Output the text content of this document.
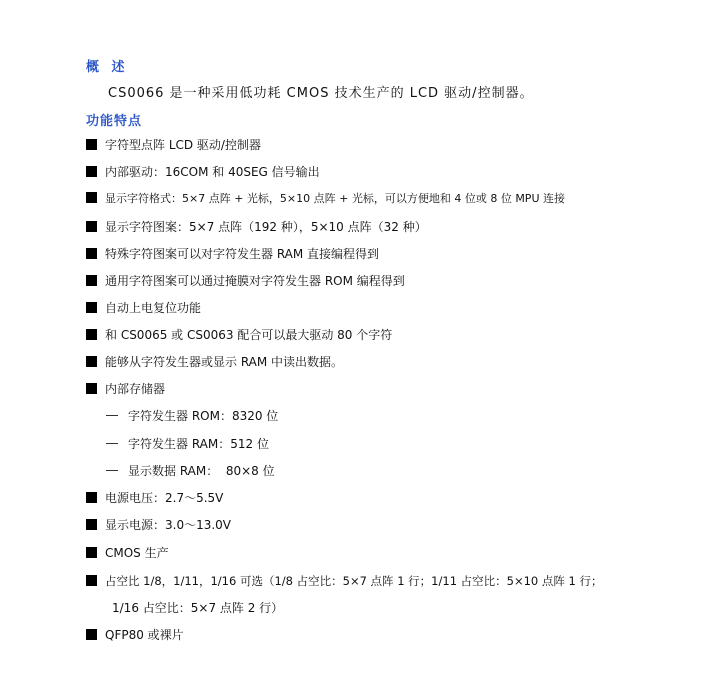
概 述
CS0066 是一种采用低功耗 CMOS 技术生产的 LCD 驱动/控制器。
功能特点
字符型点阵 LCD 驱动/控制器
内部驱动：16COM 和 40SEG 信号输出
显示字符格式：5×7 点阵 + 光标，5×10 点阵 + 光标，可以方便地和 4 位或 8 位 MPU 连接
显示字符图案：5×7 点阵（192 种），5×10 点阵（32 种）
特殊字符图案可以对字符发生器 RAM 直接编程得到
通用字符图案可以通过掩膜对字符发生器 ROM 编程得到
自动上电复位功能
和 CS0065 或 CS0063 配合可以最大驱动 80 个字符
能够从字符发生器或显示 RAM 中读出数据。
内部存储器
字符发生器 ROM：8320 位
字符发生器 RAM：512 位
显示数据 RAM：  80×8 位
电源电压：2.7～5.5V
显示电源：3.0～13.0V
CMOS 生产
占空比 1/8，1/11，1/16 可选（1/8 占空比：5×7 点阵 1 行；1/11 占空比：5×10 点阵 1 行；
1/16 占空比：5×7 点阵 2 行）
QFP80 或裸片
